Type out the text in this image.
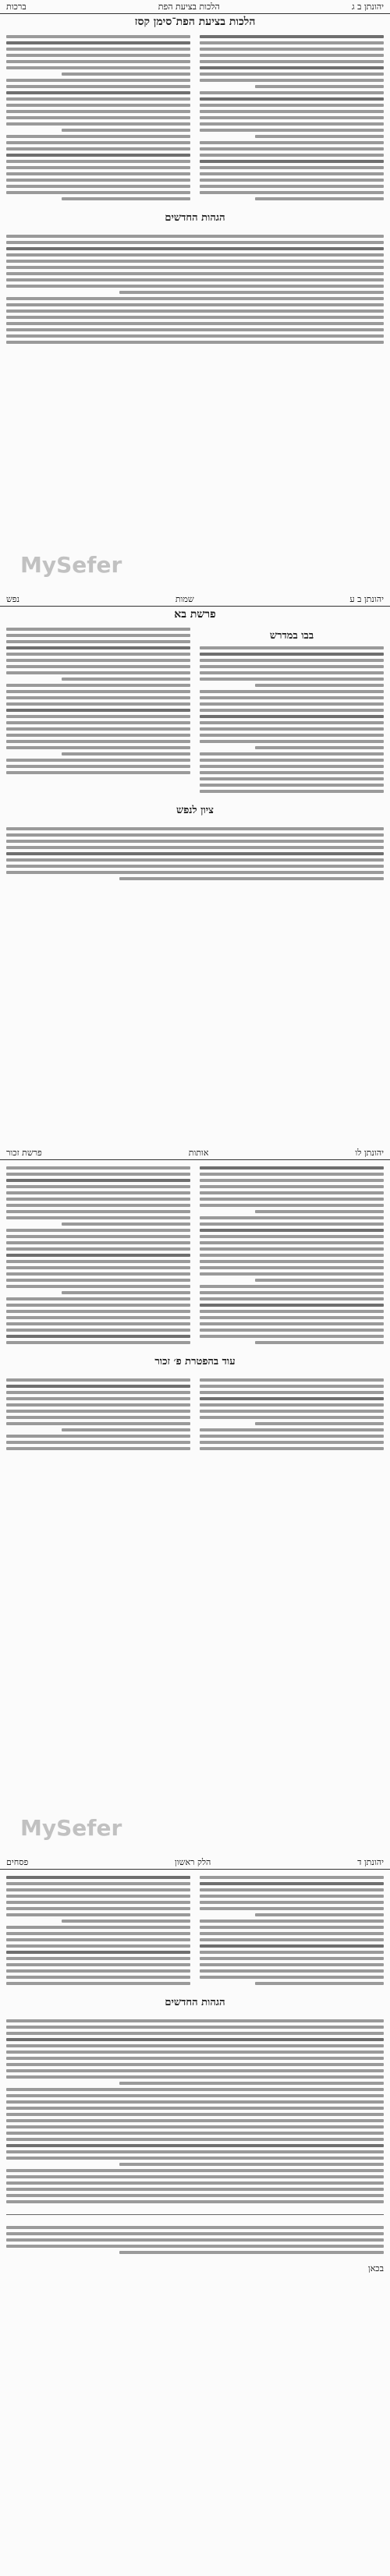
יהונתן ב ג
הלכות בציעת הפת
ברכות
הלכות בציעת הפת־סימן קסז
הגהות החדשים
MySefer
יהונתן ב ע
שמות
נפש
פרשת בא
בבו במדרש
ציון לנפש
יהונתן לו
אותות
פרשת זכור
עוד בהפטרת פ׳ זכור
MySefer
יהונתן ד
הלק ראשון
פסחים
הגהות החדשים
בכאן
